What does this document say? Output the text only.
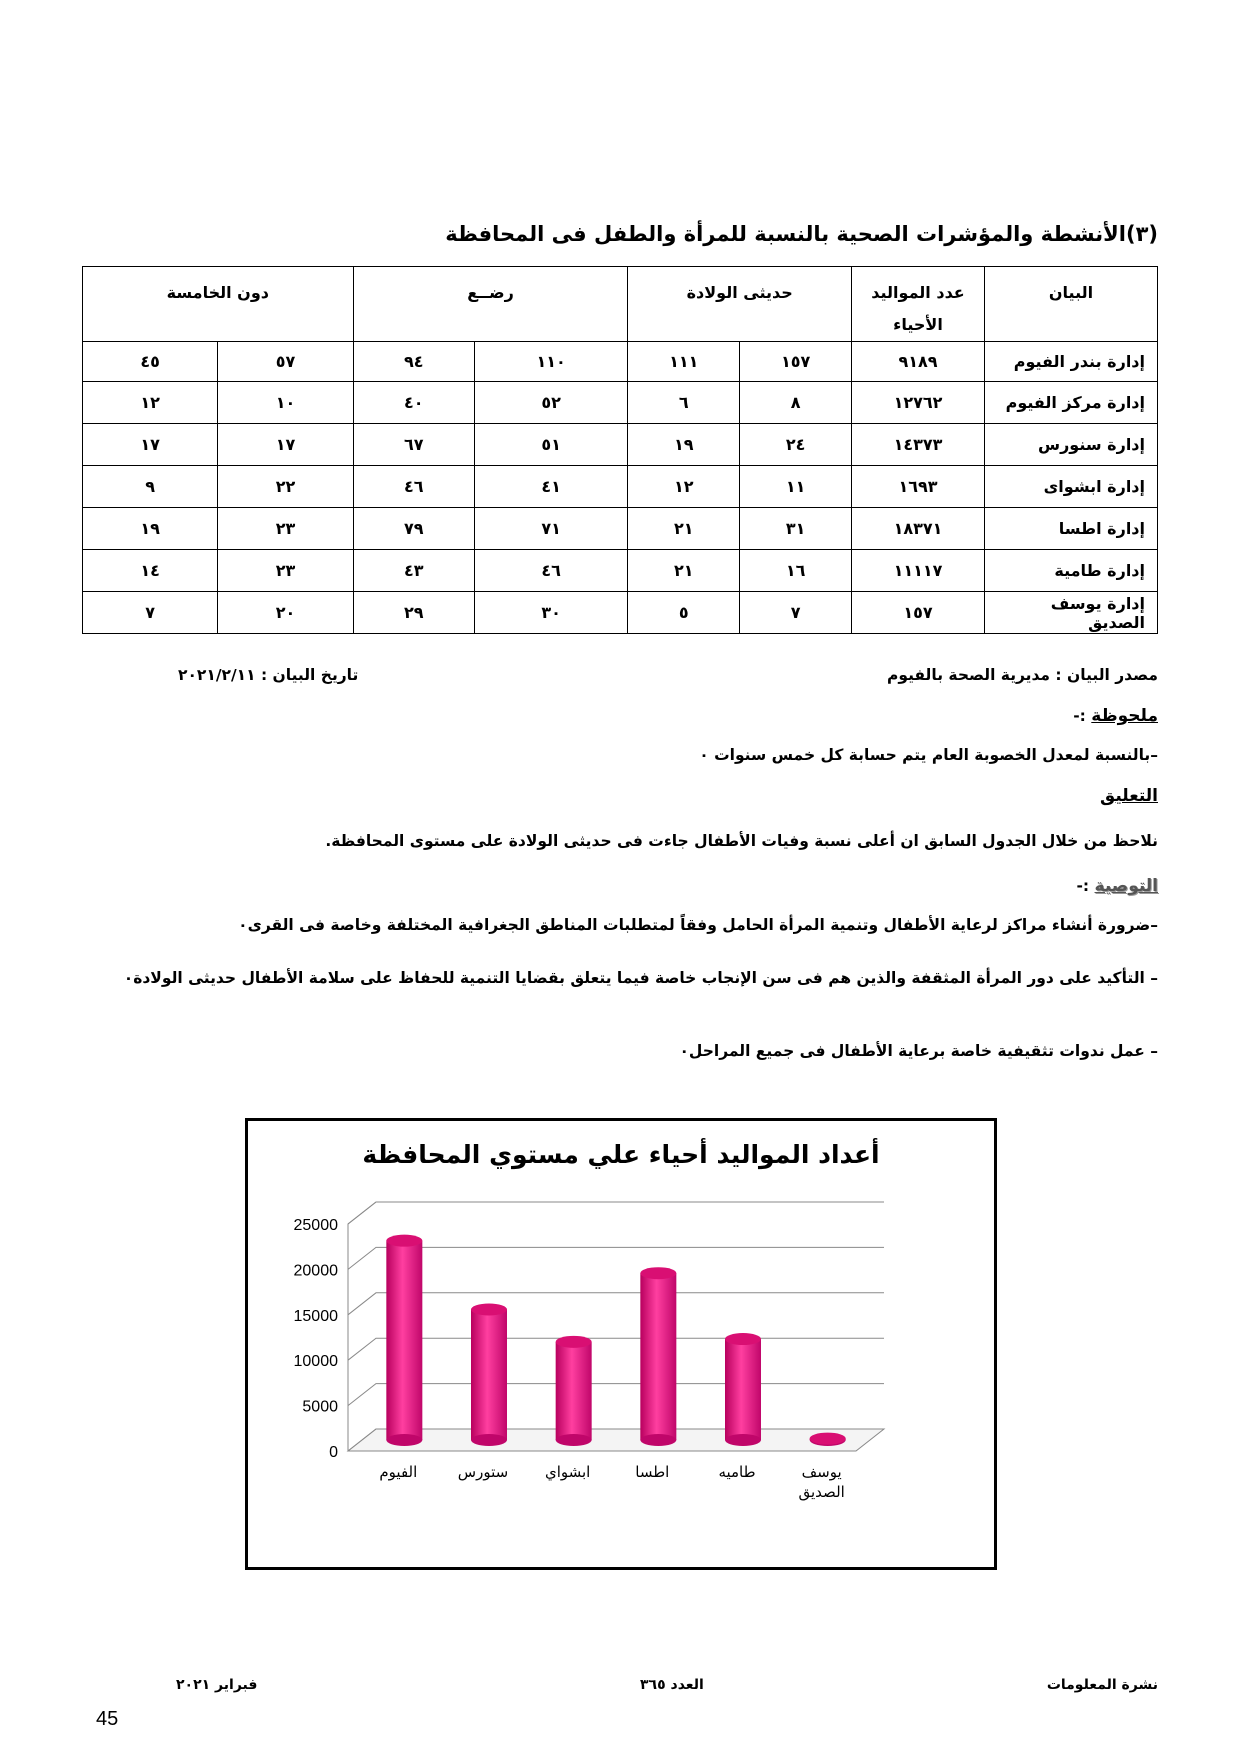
(٣)الأنشطة والمؤشرات الصحية بالنسبة للمرأة والطفل فى المحافظة
البيان	عدد المواليد الأحياء	حديثى الولادة		رضــع		دون الخامسة	
إدارة بندر الفيوم	٩١٨٩	١٥٧	١١١	١١٠	٩٤	٥٧	٤٥
إدارة مركز الفيوم	١٢٧٦٢	٨	٦	٥٢	٤٠	١٠	١٢
إدارة سنورس	١٤٣٧٣	٢٤	١٩	٥١	٦٧	١٧	١٧
إدارة ابشواى	١٦٩٣	١١	١٢	٤١	٤٦	٢٢	٩
إدارة اطسا	١٨٣٧١	٣١	٢١	٧١	٧٩	٢٣	١٩
إدارة طامية	١١١١٧	١٦	٢١	٤٦	٤٣	٢٣	١٤
إدارة يوسف الصديق	١٥٧	٧	٥	٣٠	٢٩	٢٠	٧
مصدر البيان : مديرية الصحة بالفيوم
تاريخ البيان : ٢٠٢١/٢/١١
ملحوظة :-
–بالنسبة لمعدل الخصوبة العام يتم حسابة كل خمس سنوات ٠
التعليق
نلاحظ من خلال الجدول السابق ان أعلى نسبة وفيات الأطفال جاءت فى حديثى الولادة على مستوى المحافظة.
التوصية :-
–ضرورة أنشاء مراكز لرعاية الأطفال وتنمية المرأة الحامل وفقاً لمتطلبات المناطق الجغرافية المختلفة وخاصة فى القرى٠
– التأكيد على دور المرأة المثقفة والذين هم فى سن الإنجاب خاصة فيما يتعلق بقضايا التنمية للحفاظ على سلامة الأطفال حديثى الولادة٠
– عمل ندوات تثقيفية خاصة برعاية الأطفال فى جميع المراحل٠
أعداد المواليد أحياء علي مستوي المحافظة
0
5000
10000
15000
20000
25000
الفيوم	ستورس ابشواي	اطسا	طاميه	يوسف الصديق
نشرة المعلومات
العدد ٣٦٥
فبراير ٢٠٢١
45
